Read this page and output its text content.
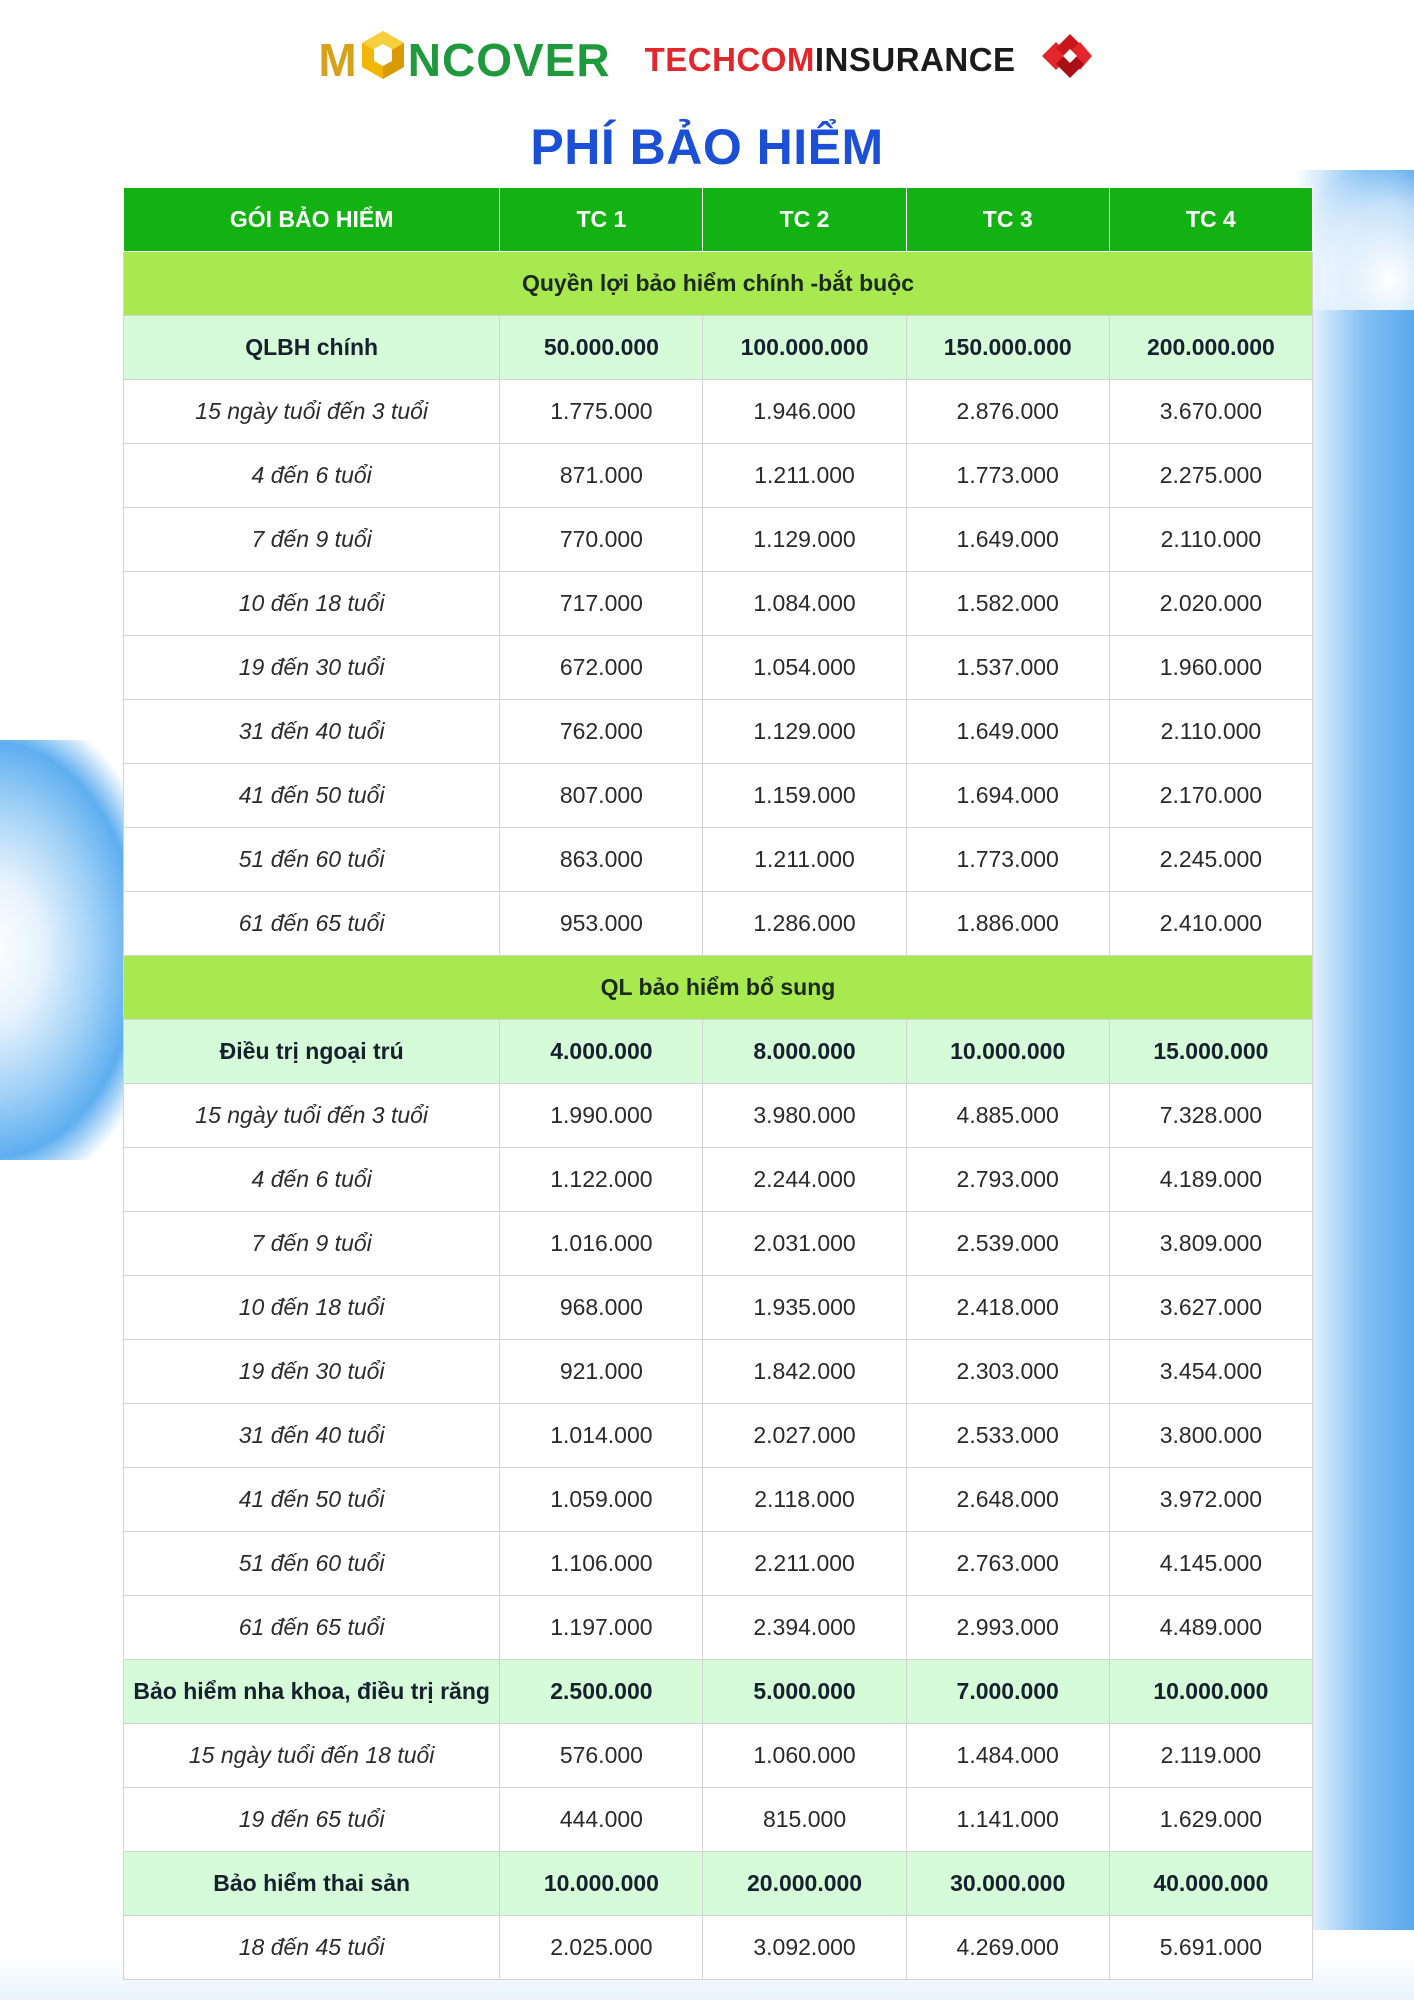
M NCOVER TECHCOM INSURANCE
PHÍ BẢO HIỂM
GÓI BẢO HIỂM	TC 1	TC 2	TC 3	TC 4
Quyền lợi bảo hiểm chính -bắt buộc				
QLBH chính	50.000.000	100.000.000	150.000.000	200.000.000
15 ngày tuổi đến 3 tuổi	1.775.000	1.946.000	2.876.000	3.670.000
4 đến 6 tuổi	871.000	1.211.000	1.773.000	2.275.000
7 đến 9 tuổi	770.000	1.129.000	1.649.000	2.110.000
10 đến 18 tuổi	717.000	1.084.000	1.582.000	2.020.000
19 đến 30 tuổi	672.000	1.054.000	1.537.000	1.960.000
31 đến 40 tuổi	762.000	1.129.000	1.649.000	2.110.000
41 đến 50 tuổi	807.000	1.159.000	1.694.000	2.170.000
51 đến 60 tuổi	863.000	1.211.000	1.773.000	2.245.000
61 đến 65 tuổi	953.000	1.286.000	1.886.000	2.410.000
QL bảo hiểm bổ sung				
Điều trị ngoại trú	4.000.000	8.000.000	10.000.000	15.000.000
15 ngày tuổi đến 3 tuổi	1.990.000	3.980.000	4.885.000	7.328.000
4 đến 6 tuổi	1.122.000	2.244.000	2.793.000	4.189.000
7 đến 9 tuổi	1.016.000	2.031.000	2.539.000	3.809.000
10 đến 18 tuổi	968.000	1.935.000	2.418.000	3.627.000
19 đến 30 tuổi	921.000	1.842.000	2.303.000	3.454.000
31 đến 40 tuổi	1.014.000	2.027.000	2.533.000	3.800.000
41 đến 50 tuổi	1.059.000	2.118.000	2.648.000	3.972.000
51 đến 60 tuổi	1.106.000	2.211.000	2.763.000	4.145.000
61 đến 65 tuổi	1.197.000	2.394.000	2.993.000	4.489.000
Bảo hiểm nha khoa, điều trị răng	2.500.000	5.000.000	7.000.000	10.000.000
15 ngày tuổi đến 18 tuổi	576.000	1.060.000	1.484.000	2.119.000
19 đến 65 tuổi	444.000	815.000	1.141.000	1.629.000
Bảo hiểm thai sản	10.000.000	20.000.000	30.000.000	40.000.000
18 đến 45 tuổi	2.025.000	3.092.000	4.269.000	5.691.000
